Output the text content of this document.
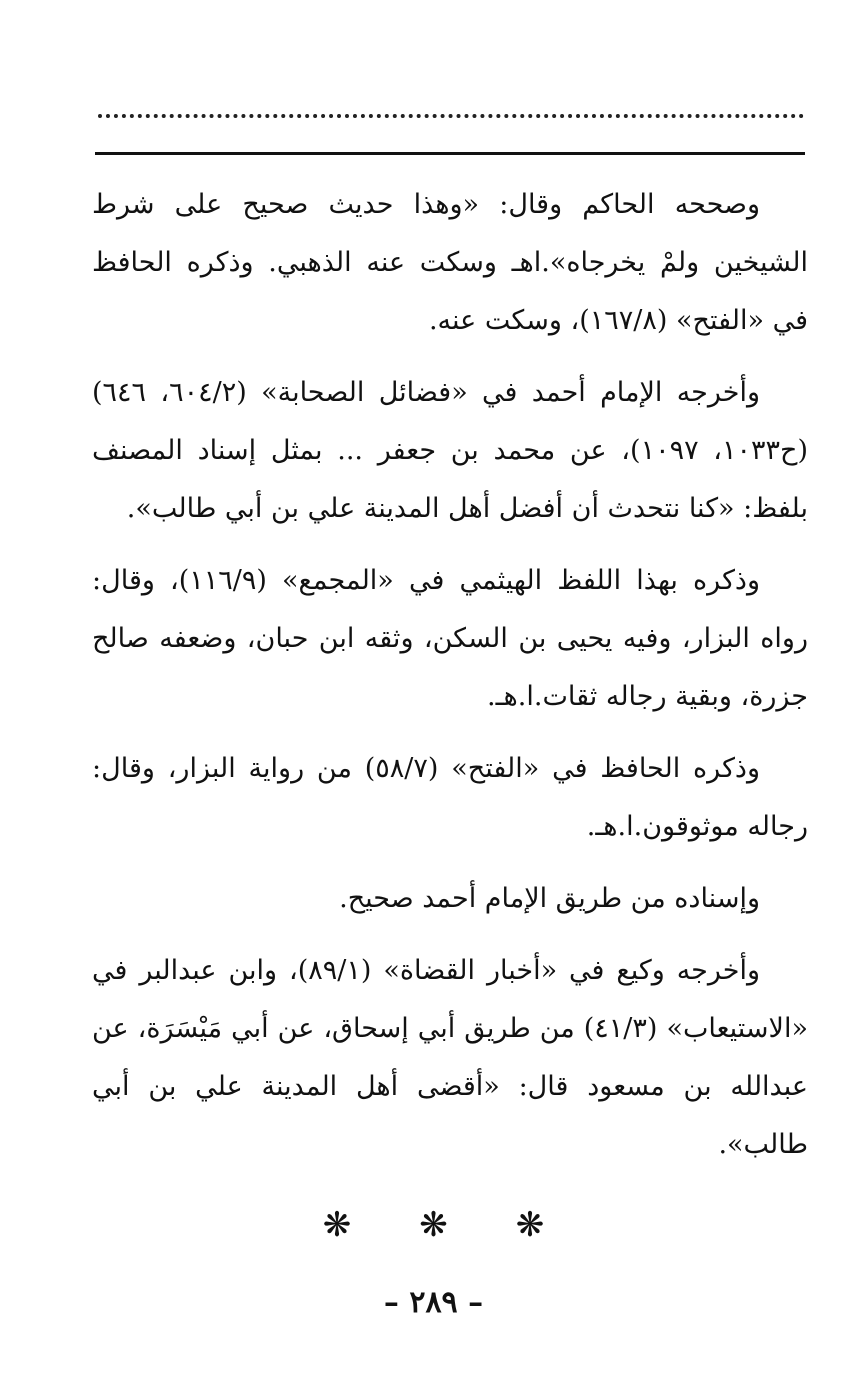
وصححه الحاكم وقال: «وهذا حديث صحيح على شرط الشيخين ولمْ يخرجاه».اهـ وسكت عنه الذهبي. وذكره الحافظ في «الفتح» (١٦٧/٨)، وسكت عنه.

وأخرجه الإمام أحمد في «فضائل الصحابة» (٦٠٤/٢، ٦٤٦) (ح١٠٣٣، ١٠٩٧)، عن محمد بن جعفر ... بمثل إسناد المصنف بلفظ: «كنا نتحدث أن أفضل أهل المدينة علي بن أبي طالب».

وذكره بهذا اللفظ الهيثمي في «المجمع» (١١٦/٩)، وقال: رواه البزار، وفيه يحيى بن السكن، وثقه ابن حبان، وضعفه صالح جزرة، وبقية رجاله ثقات.ا.هـ.

وذكره الحافظ في «الفتح» (٥٨/٧) من رواية البزار، وقال: رجاله موثوقون.ا.هـ.

وإسناده من طريق الإمام أحمد صحيح.

وأخرجه وكيع في «أخبار القضاة» (٨٩/١)، وابن عبدالبر في «الاستيعاب» (٤١/٣) من طريق أبي إسحاق، عن أبي مَيْسَرَة، عن عبدالله بن مسعود قال: «أقضى أهل المدينة علي بن أبي طالب».

❋ ❋ ❋
– ٢٨٩ –
